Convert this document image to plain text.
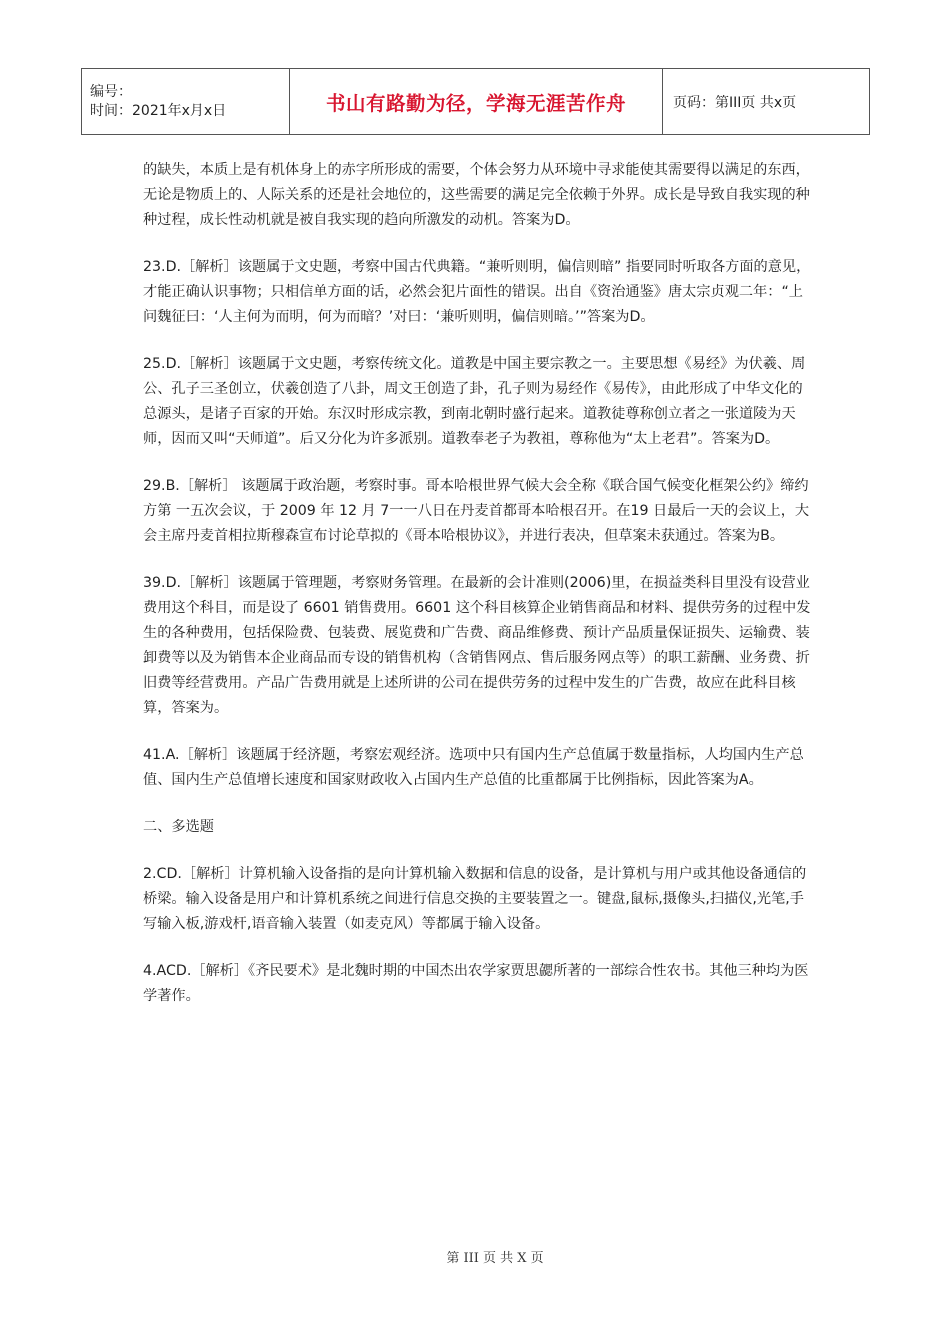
编号：
时间：2021年x月x日	书山有路勤为径，学海无涯苦作舟	页码：第III页 共x页

的缺失，本质上是有机体身上的赤字所形成的需要，个体会努力从环境中寻求能使其需要得以满足的东西，无论是物质上的、人际关系的还是社会地位的，这些需要的满足完全依赖于外界。成长是导致自我实现的种种过程，成长性动机就是被自我实现的趋向所激发的动机。答案为D。

23.D.［解析］该题属于文史题，考察中国古代典籍。“兼听则明，偏信则暗” 指要同时听取各方面的意见，才能正确认识事物；只相信单方面的话，必然会犯片面性的错误。出自《资治通鉴》唐太宗贞观二年：“上问魏征曰：‘人主何为而明，何为而暗？’对曰：‘兼听则明，偏信则暗。’”答案为D。

25.D.［解析］该题属于文史题，考察传统文化。道教是中国主要宗教之一。主要思想《易经》为伏羲、周公、孔子三圣创立，伏羲创造了八卦，周文王创造了卦，孔子则为易经作《易传》，由此形成了中华文化的总源头，是诸子百家的开始。东汉时形成宗教，到南北朝时盛行起来。道教徒尊称创立者之一张道陵为天师，因而又叫“天师道”。后又分化为许多派别。道教奉老子为教祖，尊称他为“太上老君”。答案为D。

29.B.［解析］ 该题属于政治题，考察时事。哥本哈根世界气候大会全称《联合国气候变化框架公约》缔约方第 一五次会议，于 2009 年 12 月 7一一八日在丹麦首都哥本哈根召开。在19 日最后一天的会议上，大会主席丹麦首相拉斯穆森宣布讨论草拟的《哥本哈根协议》，并进行表决，但草案未获通过。答案为B。

39.D.［解析］该题属于管理题，考察财务管理。在最新的会计准则(2006)里，在损益类科目里没有设营业费用这个科目，而是设了 6601 销售费用。6601 这个科目核算企业销售商品和材料、提供劳务的过程中发生的各种费用，包括保险费、包装费、展览费和广告费、商品维修费、预计产品质量保证损失、运输费、装卸费等以及为销售本企业商品而专设的销售机构（含销售网点、售后服务网点等）的职工薪酬、业务费、折旧费等经营费用。产品广告费用就是上述所讲的公司在提供劳务的过程中发生的广告费，故应在此科目核算，答案为。

41.A.［解析］该题属于经济题，考察宏观经济。选项中只有国内生产总值属于数量指标，人均国内生产总值、国内生产总值增长速度和国家财政收入占国内生产总值的比重都属于比例指标，因此答案为A。

二、多选题

2.CD.［解析］计算机输入设备指的是向计算机输入数据和信息的设备，是计算机与用户或其他设备通信的桥梁。输入设备是用户和计算机系统之间进行信息交换的主要装置之一。键盘,鼠标,摄像头,扫描仪,光笔,手写输入板,游戏杆,语音输入装置（如麦克风）等都属于输入设备。

4.ACD.［解析］《齐民要术》是北魏时期的中国杰出农学家贾思勰所著的一部综合性农书。其他三种均为医学著作。

第 III 页 共 X 页
